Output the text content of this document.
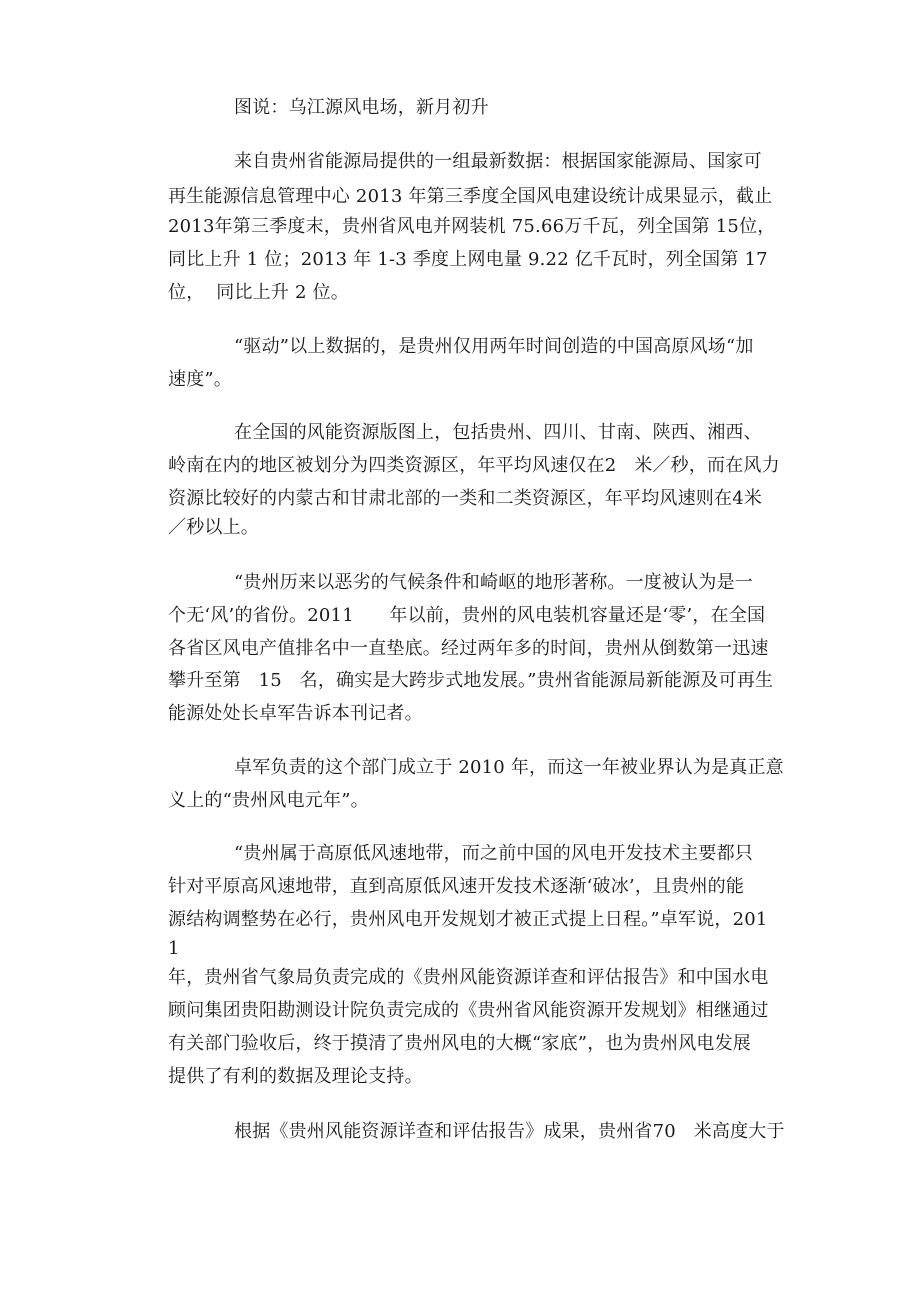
图说：乌江源风电场，新月初升
来自贵州省能源局提供的一组最新数据：根据国家能源局、国家可
再生能源信息管理中心 2013 年第三季度全国风电建设统计成果显示，截止
2013年第三季度末，贵州省风电并网装机 75.66万千瓦，列全国第 15位，
同比上升 1 位；2013 年 1-3 季度上网电量 9.22 亿千瓦时，列全国第 17
位，  同比上升 2 位。
“驱动”以上数据的，是贵州仅用两年时间创造的中国高原风场“加
速度”。
在全国的风能资源版图上，包括贵州、四川、甘南、陕西、湘西、
岭南在内的地区被划分为四类资源区，年平均风速仅在2   米／秒，而在风力
资源比较好的内蒙古和甘肃北部的一类和二类资源区，年平均风速则在4米
／秒以上。
“贵州历来以恶劣的气候条件和崎岖的地形著称。一度被认为是一
个无‘风’的省份。2011      年以前，贵州的风电装机容量还是‘零’，在全国
各省区风电产值排名中一直垫底。经过两年多的时间，贵州从倒数第一迅速
攀升至第   15   名，确实是大跨步式地发展。”贵州省能源局新能源及可再生
能源处处长卓军告诉本刊记者。
卓军负责的这个部门成立于 2010 年，而这一年被业界认为是真正意
义上的“贵州风电元年”。
“贵州属于高原低风速地带，而之前中国的风电开发技术主要都只
针对平原高风速地带，直到高原低风速开发技术逐渐‘破冰’，且贵州的能
源结构调整势在必行，贵州风电开发规划才被正式提上日程。”卓军说，201
1
年，贵州省气象局负责完成的《贵州风能资源详查和评估报告》和中国水电
顾问集团贵阳勘测设计院负责完成的《贵州省风能资源开发规划》相继通过
有关部门验收后，终于摸清了贵州风电的大概“家底”，也为贵州风电发展
提供了有利的数据及理论支持。
根据《贵州风能资源详查和评估报告》成果，贵州省70   米高度大于
